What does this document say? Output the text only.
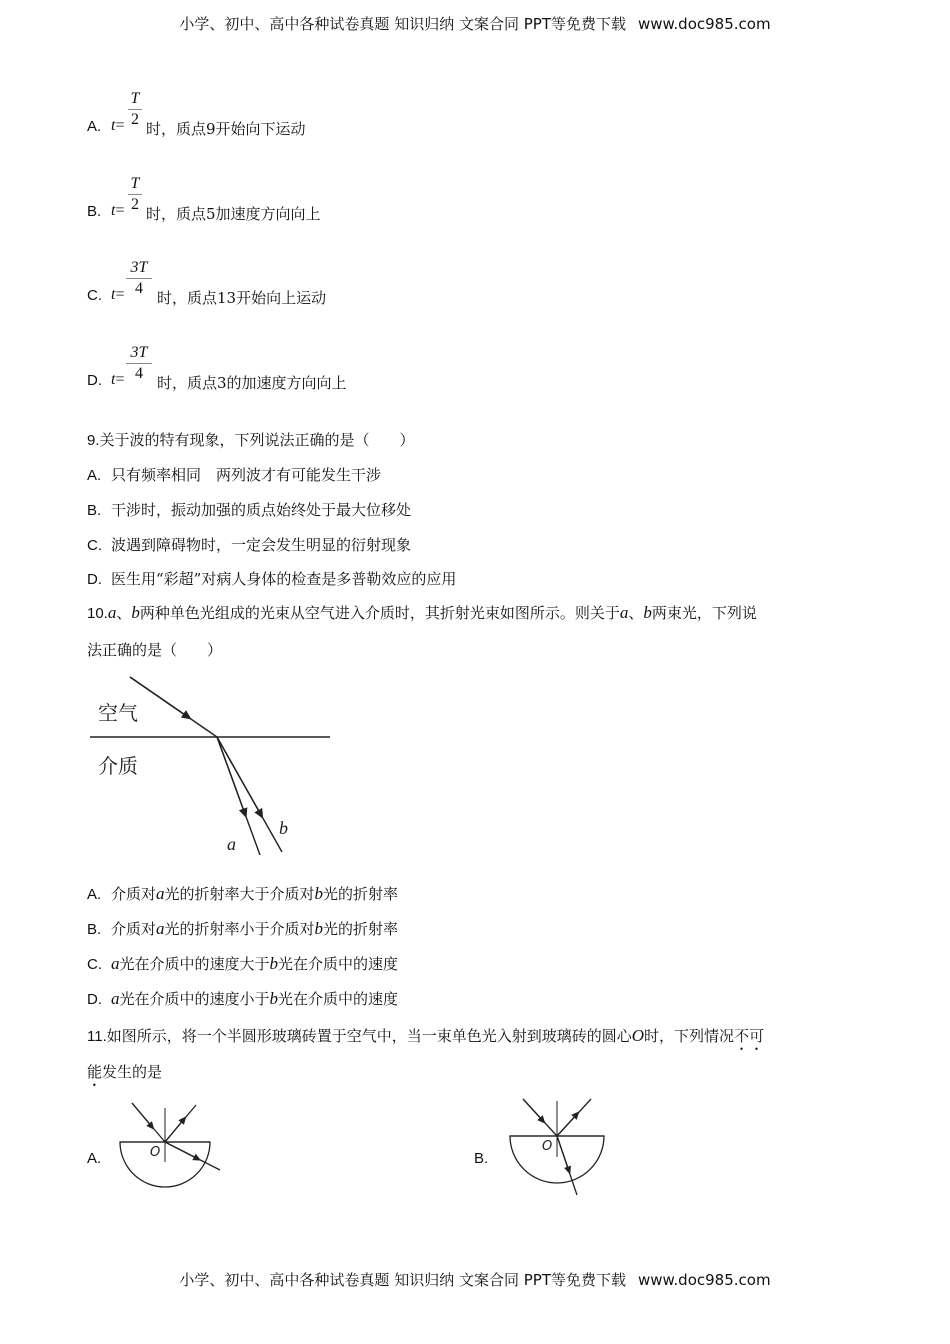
小学、初中、高中各种试卷真题 知识归纳 文案合同 PPT等免费下载 www.doc985.com
A. t=
T
2
时，质点9开始向下运动
B. t=
T
2
时，质点5加速度方向向上
C. t=
3T
4
时，质点13开始向上运动
D. t=
3T
4
时，质点3的加速度方向向上
9.关于波的特有现象，下列说法正确的是（　　）
A. 只有频率相同　两列波才有可能发生干涉
B. 干涉时，振动加强的质点始终处于最大位移处
C. 波遇到障碍物时，一定会发生明显的衍射现象
D. 医生用“彩超”对病人身体的检查是多普勒效应的应用
10.a、b两种单色光组成的光束从空气进入介质时，其折射光束如图所示。则关于a、b两束光，下列说
法正确的是（　　）
空气
介质
a
b
A. 介质对a光的折射率大于介质对b光的折射率
B. 介质对a光的折射率小于介质对b光的折射率
C. a光在介质中的速度大于b光在介质中的速度
D. a光在介质中的速度小于b光在介质中的速度
11.如图所示，将一个半圆形玻璃砖置于空气中，当一束单色光入射到玻璃砖的圆心O时，下列情况不可
能发生的是
A.	O	B.
O
小学、初中、高中各种试卷真题 知识归纳 文案合同 PPT等免费下载 www.doc985.com
